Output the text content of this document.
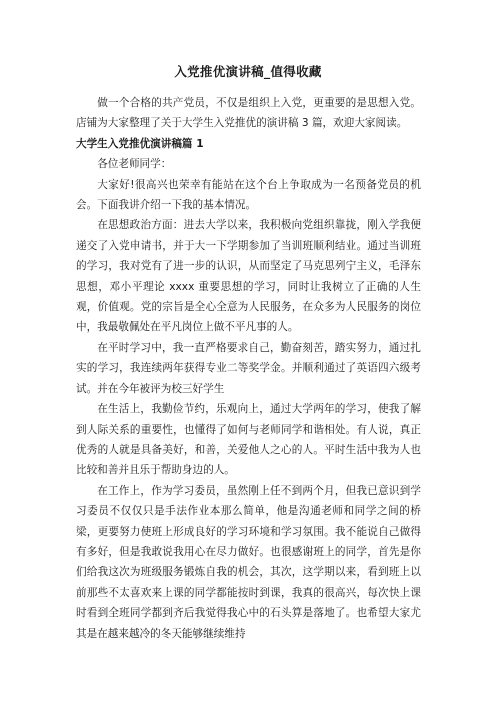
入党推优演讲稿_值得收藏

做一个合格的共产党员，不仅是组织上入党，更重要的是思想入党。店铺为大家整理了关于大学生入党推优的演讲稿 3 篇，欢迎大家阅读。

大学生入党推优演讲稿篇 1

各位老师同学：

大家好!很高兴也荣幸有能站在这个台上争取成为一名预备党员的机会。下面我讲介绍一下我的基本情况。

在思想政治方面：进去大学以来，我积极向党组织靠拢，刚入学我便递交了入党申请书，并于大一下学期参加了当训班顺利结业。通过当训班的学习，我对党有了进一步的认识，从而坚定了马克思列宁主义，毛泽东思想，邓小平理论 xxxx 重要思想的学习，同时让我树立了正确的人生观，价值观。党的宗旨是全心全意为人民服务，在众多为人民服务的岗位中，我最敬佩处在平凡岗位上做不平凡事的人。

在平时学习中，我一直严格要求自己，勤奋刻苦，踏实努力，通过扎实的学习，我连续两年获得专业二等奖学金。并顺利通过了英语四六级考试。并在今年被评为校三好学生

在生活上，我勤俭节约，乐观向上，通过大学两年的学习，使我了解到人际关系的重要性，也懂得了如何与老师同学和谐相处。有人说，真正优秀的人就是具备美好，和善，关爱他人之心的人。平时生活中我为人也比较和善并且乐于帮助身边的人。

在工作上，作为学习委员，虽然刚上任不到两个月，但我已意识到学习委员不仅仅只是手法作业本那么简单，他是沟通老师和同学之间的桥梁，更要努力使班上形成良好的学习环境和学习氛围。我不能说自己做得有多好，但是我敢说我用心在尽力做好。也很感谢班上的同学，首先是你们给我这次为班级服务锻炼自我的机会，其次，这学期以来，看到班上以前那些不太喜欢来上课的同学都能按时到课，我真的很高兴，每次快上课时看到全班同学都到齐后我觉得我心中的石头算是落地了。也希望大家尤其是在越来越冷的冬天能够继续维持
